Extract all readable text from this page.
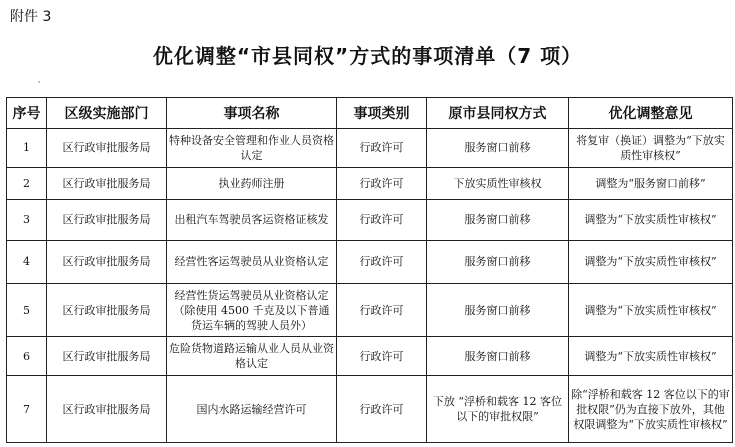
附件 3
优化调整“市县同权”方式的事项清单（7 项）
'
序号	区级实施部门	事项名称	事项类别	原市县同权方式	优化调整意见
1	区行政审批服务局	特种设备安全管理和作业人员资格认定	行政许可	服务窗口前移	将复审（换证）调整为“下放实质性审核权”
2	区行政审批服务局	执业药师注册	行政许可	下放实质性审核权	调整为“服务窗口前移”
3	区行政审批服务局	出租汽车驾驶员客运资格证核发	行政许可	服务窗口前移	调整为“下放实质性审核权”
4	区行政审批服务局	经营性客运驾驶员从业资格认定	行政许可	服务窗口前移	调整为“下放实质性审核权”
5	区行政审批服务局	经营性货运驾驶员从业资格认定（除使用 4500 千克及以下普通货运车辆的驾驶人员外）	行政许可	服务窗口前移	调整为“下放实质性审核权”
6	区行政审批服务局	危险货物道路运输从业人员从业资格认定	行政许可	服务窗口前移	调整为“下放实质性审核权”
7	区行政审批服务局	国内水路运输经营许可	行政许可	下放 “浮桥和载客 12 客位以下的审批权限”	除“浮桥和载客 12 客位以下的审批权限”仍为直接下放外，其他权限调整为“下放实质性审核权”
